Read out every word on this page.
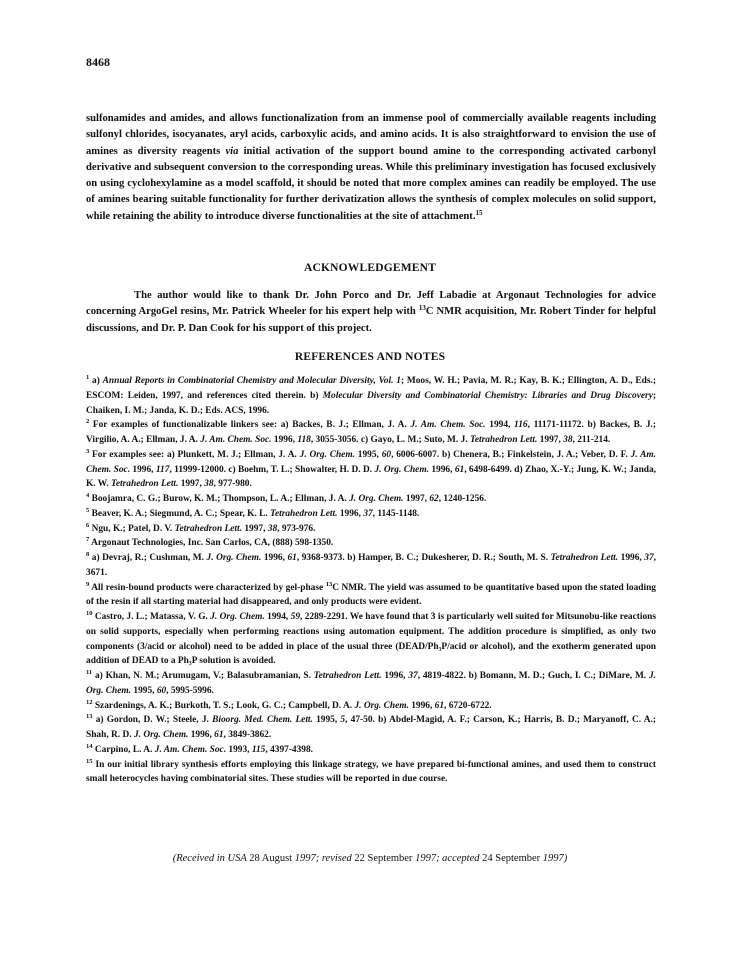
8468

sulfonamides and amides, and allows functionalization from an immense pool of commercially available reagents including sulfonyl chlorides, isocyanates, aryl acids, carboxylic acids, and amino acids. It is also straightforward to envision the use of amines as diversity reagents via initial activation of the support bound amine to the corresponding activated carbonyl derivative and subsequent conversion to the corresponding ureas. While this preliminary investigation has focused exclusively on using cyclohexylamine as a model scaffold, it should be noted that more complex amines can readily be employed. The use of amines bearing suitable functionality for further derivatization allows the synthesis of complex molecules on solid support, while retaining the ability to introduce diverse functionalities at the site of attachment.$^{15}$

ACKNOWLEDGEMENT

The author would like to thank Dr. John Porco and Dr. Jeff Labadie at Argonaut Technologies for advice concerning ArgoGel resins, Mr. Patrick Wheeler for his expert help with $^{13}$C NMR acquisition, Mr. Robert Tinder for helpful discussions, and Dr. P. Dan Cook for his support of this project.

REFERENCES AND NOTES

$^1$ a) Annual Reports in Combinatorial Chemistry and Molecular Diversity, Vol. 1; Moos, W. H.; Pavia, M. R.; Kay, B. K.; Ellington, A. D., Eds.; ESCOM: Leiden, 1997, and references cited therein. b) Molecular Diversity and Combinatorial Chemistry: Libraries and Drug Discovery; Chaiken, I. M.; Janda, K. D.; Eds. ACS, 1996.

$^2$ For examples of functionalizable linkers see: a) Backes, B. J.; Ellman, J. A. J. Am. Chem. Soc. 1994, 116, 11171-11172. b) Backes, B. J.; Virgilio, A. A.; Ellman, J. A. J. Am. Chem. Soc. 1996, 118, 3055-3056. c) Gayo, L. M.; Suto, M. J. Tetrahedron Lett. 1997, 38, 211-214.

$^3$ For examples see: a) Plunkett, M. J.; Ellman, J. A. J. Org. Chem. 1995, 60, 6006-6007. b) Chenera, B.; Finkelstein, J. A.; Veber, D. F. J. Am. Chem. Soc. 1996, 117, 11999-12000. c) Boehm, T. L.; Showalter, H. D. D. J. Org. Chem. 1996, 61, 6498-6499. d) Zhao, X.-Y.; Jung, K. W.; Janda, K. W. Tetrahedron Lett. 1997, 38, 977-980.

$^4$ Boojamra, C. G.; Burow, K. M.; Thompson, L. A.; Ellman, J. A. J. Org. Chem. 1997, 62, 1240-1256.

$^5$ Beaver, K. A.; Siegmund, A. C.; Spear, K. L. Tetrahedron Lett. 1996, 37, 1145-1148.

$^6$ Ngu, K.; Patel, D. V. Tetrahedron Lett. 1997, 38, 973-976.

$^7$ Argonaut Technologies, Inc. San Carlos, CA, (888) 598-1350.

$^8$ a) Devraj, R.; Cushman, M. J. Org. Chem. 1996, 61, 9368-9373. b) Hamper, B. C.; Dukesherer, D. R.; South, M. S. Tetrahedron Lett. 1996, 37, 3671.

$^9$ All resin-bound products were characterized by gel-phase $^{13}$C NMR. The yield was assumed to be quantitative based upon the stated loading of the resin if all starting material had disappeared, and only products were evident.

$^{10}$ Castro, J. L.; Matassa, V. G. J. Org. Chem. 1994, 59, 2289-2291. We have found that 3 is particularly well suited for Mitsunobu-like reactions on solid supports, especially when performing reactions using automation equipment. The addition procedure is simplified, as only two components (3/acid or alcohol) need to be added in place of the usual three (DEAD/Ph₃P/acid or alcohol), and the exotherm generated upon addition of DEAD to a Ph₃P solution is avoided.

$^{11}$ a) Khan, N. M.; Arumugam, V.; Balasubramanian, S. Tetrahedron Lett. 1996, 37, 4819-4822. b) Bomann, M. D.; Guch, I. C.; DiMare, M. J. Org. Chem. 1995, 60, 5995-5996.

$^{12}$ Szardenings, A. K.; Burkoth, T. S.; Look, G. C.; Campbell, D. A. J. Org. Chem. 1996, 61, 6720-6722.

$^{13}$ a) Gordon, D. W.; Steele, J. Bioorg. Med. Chem. Lett. 1995, 5, 47-50. b) Abdel-Magid, A. F.; Carson, K.; Harris, B. D.; Maryanoff, C. A.; Shah, R. D. J. Org. Chem. 1996, 61, 3849-3862.

$^{14}$ Carpino, L. A. J. Am. Chem. Soc. 1993, 115, 4397-4398.

$^{15}$ In our initial library synthesis efforts employing this linkage strategy, we have prepared bi-functional amines, and used them to construct small heterocycles having combinatorial sites. These studies will be reported in due course.

(Received in USA 28 August 1997; revised 22 September 1997; accepted 24 September 1997)
